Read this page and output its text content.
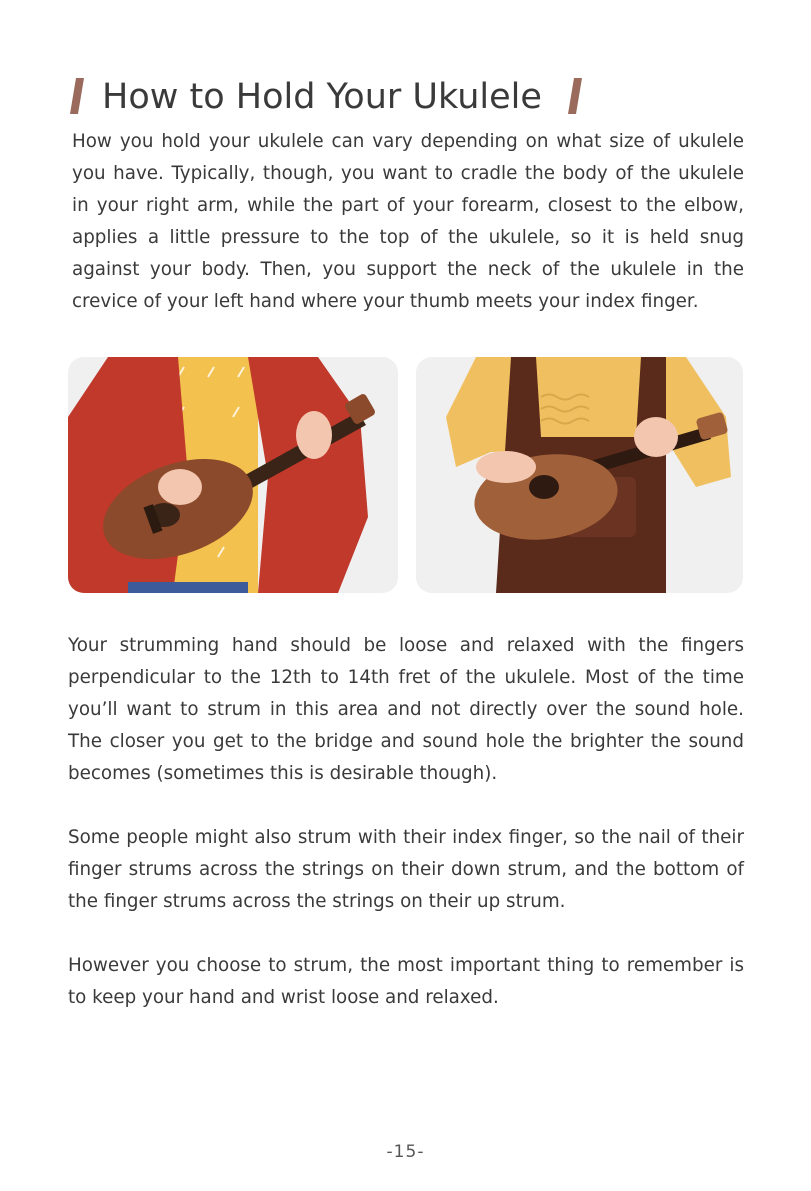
How to Hold Your Ukulele

How you hold your ukulele can vary depending on what size of ukulele you have. Typically, though, you want to cradle the body of the ukulele in your right arm, while the part of your forearm, closest to the elbow, applies a little pressure to the top of the ukulele, so it is held snug against your body. Then, you support the neck of the ukulele in the crevice of your left hand where your thumb meets your index finger.

Your strumming hand should be loose and relaxed with the fingers perpendicular to the 12th to 14th fret of the ukulele. Most of the time you’ll want to strum in this area and not directly over the sound hole. The closer you get to the bridge and sound hole the brighter the sound becomes (sometimes this is desirable though).

Some people might also strum with their index finger, so the nail of their finger strums across the strings on their down strum, and the bottom of the finger strums across the strings on their up strum.

However you choose to strum, the most important thing to remember is to keep your hand and wrist loose and relaxed.

-15-
